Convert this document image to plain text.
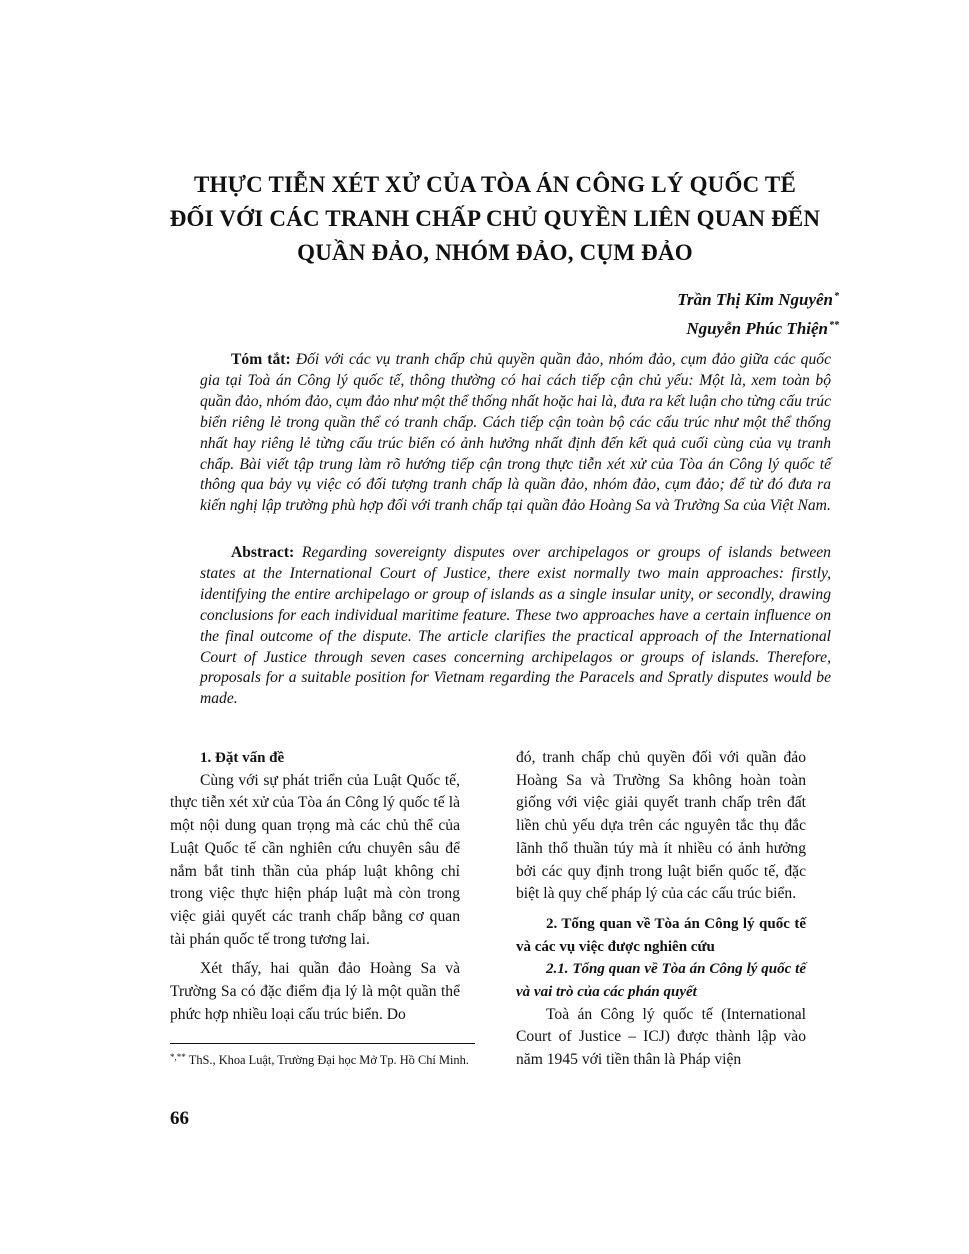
THỰC TIỄN XÉT XỬ CỦA TÒA ÁN CÔNG LÝ QUỐC TẾ
ĐỐI VỚI CÁC TRANH CHẤP CHỦ QUYỀN LIÊN QUAN ĐẾN
QUẦN ĐẢO, NHÓM ĐẢO, CỤM ĐẢO
Trần Thị Kim Nguyên*
Nguyễn Phúc Thiện**
Tóm tắt: Đối với các vụ tranh chấp chủ quyền quần đảo, nhóm đảo, cụm đảo giữa các quốc gia tại Toà án Công lý quốc tế, thông thường có hai cách tiếp cận chủ yếu: Một là, xem toàn bộ quần đảo, nhóm đảo, cụm đảo như một thể thống nhất hoặc hai là, đưa ra kết luận cho từng cấu trúc biển riêng lẻ trong quần thể có tranh chấp. Cách tiếp cận toàn bộ các cấu trúc như một thể thống nhất hay riêng lẻ từng cấu trúc biển có ảnh hưởng nhất định đến kết quả cuối cùng của vụ tranh chấp. Bài viết tập trung làm rõ hướng tiếp cận trong thực tiễn xét xử của Tòa án Công lý quốc tế thông qua bảy vụ việc có đối tượng tranh chấp là quần đảo, nhóm đảo, cụm đảo; để từ đó đưa ra kiến nghị lập trường phù hợp đối với tranh chấp tại quần đảo Hoàng Sa và Trường Sa của Việt Nam.
Abstract: Regarding sovereignty disputes over archipelagos or groups of islands between states at the International Court of Justice, there exist normally two main approaches: firstly, identifying the entire archipelago or group of islands as a single insular unity, or secondly, drawing conclusions for each individual maritime feature. These two approaches have a certain influence on the final outcome of the dispute. The article clarifies the practical approach of the International Court of Justice through seven cases concerning archipelagos or groups of islands. Therefore, proposals for a suitable position for Vietnam regarding the Paracels and Spratly disputes would be made.

1. Đặt vấn đề

Cùng với sự phát triển của Luật Quốc tế, thực tiễn xét xử của Tòa án Công lý quốc tế là một nội dung quan trọng mà các chủ thể của Luật Quốc tế cần nghiên cứu chuyên sâu để nắm bắt tinh thần của pháp luật không chỉ trong việc thực hiện pháp luật mà còn trong việc giải quyết các tranh chấp bằng cơ quan tài phán quốc tế trong tương lai.

Xét thấy, hai quần đảo Hoàng Sa và Trường Sa có đặc điểm địa lý là một quần thể phức hợp nhiều loại cấu trúc biển. Do

đó, tranh chấp chủ quyền đối với quần đảo Hoàng Sa và Trường Sa không hoàn toàn giống với việc giải quyết tranh chấp trên đất liền chủ yếu dựa trên các nguyên tắc thụ đắc lãnh thổ thuần túy mà ít nhiều có ảnh hưởng bởi các quy định trong luật biển quốc tế, đặc biệt là quy chế pháp lý của các cấu trúc biển.

2. Tổng quan về Tòa án Công lý quốc tế và các vụ việc được nghiên cứu

2.1. Tổng quan về Tòa án Công lý quốc tế và vai trò của các phán quyết

Toà án Công lý quốc tế (International Court of Justice – ICJ) được thành lập vào năm 1945 với tiền thân là Pháp viện

*,** ThS., Khoa Luật, Trường Đại học Mở Tp. Hồ Chí Minh.
66
